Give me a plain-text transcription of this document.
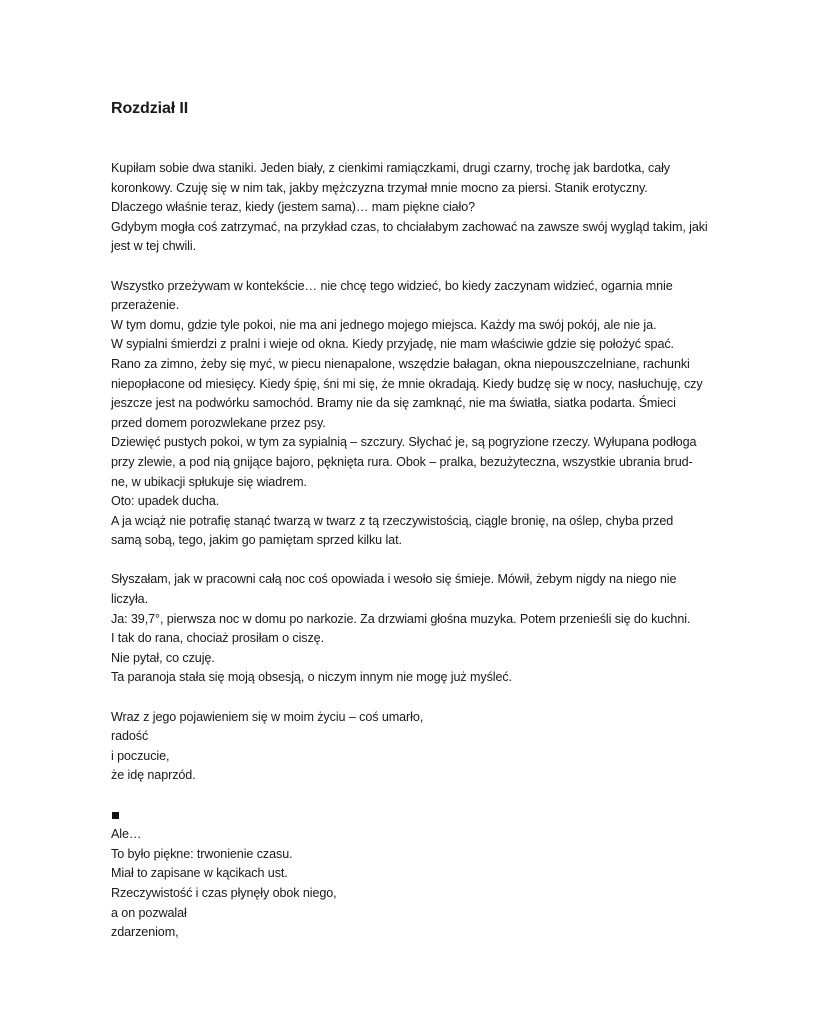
Rozdział II

Kupiłam sobie dwa staniki. Jeden biały, z cienkimi ramiączkami, drugi czarny, trochę jak bardotka, cały
koronkowy. Czuję się w nim tak, jakby mężczyzna trzymał mnie mocno za piersi. Stanik erotyczny.
Dlaczego właśnie teraz, kiedy (jestem sama)… mam piękne ciało?
Gdybym mogła coś zatrzymać, na przykład czas, to chciałabym zachować na zawsze swój wygląd takim, jaki
jest w tej chwili.

Wszystko przeżywam w kontekście… nie chcę tego widzieć, bo kiedy zaczynam widzieć, ogarnia mnie
przerażenie.
W tym domu, gdzie tyle pokoi, nie ma ani jednego mojego miejsca. Każdy ma swój pokój, ale nie ja.
W sypialni śmierdzi z pralni i wieje od okna. Kiedy przyjadę, nie mam właściwie gdzie się położyć spać.
Rano za zimno, żeby się myć, w piecu nienapalone, wszędzie bałagan, okna niepouszczelniane, rachunki
niepopłacone od miesięcy. Kiedy śpię, śni mi się, że mnie okradają. Kiedy budzę się w nocy, nasłuchuję, czy
jeszcze jest na podwórku samochód. Bramy nie da się zamknąć, nie ma światła, siatka podarta. Śmieci
przed domem porozwlekane przez psy.
Dziewięć pustych pokoi, w tym za sypialnią – szczury. Słychać je, są pogryzione rzeczy. Wyłupana podłoga
przy zlewie, a pod nią gnijące bajoro, pęknięta rura. Obok – pralka, bezużyteczna, wszystkie ubrania brud-
ne, w ubikacji spłukuje się wiadrem.
Oto: upadek ducha.
A ja wciąż nie potrafię stanąć twarzą w twarz z tą rzeczywistością, ciągle bronię, na oślep, chyba przed
samą sobą, tego, jakim go pamiętam sprzed kilku lat.

Słyszałam, jak w pracowni całą noc coś opowiada i wesoło się śmieje. Mówił, żebym nigdy na niego nie
liczyła.
Ja: 39,7°, pierwsza noc w domu po narkozie. Za drzwiami głośna muzyka. Potem przenieśli się do kuchni.
I tak do rana, chociaż prosiłam o ciszę.
Nie pytał, co czuję.
Ta paranoja stała się moją obsesją, o niczym innym nie mogę już myśleć.

Wraz z jego pojawieniem się w moim życiu – coś umarło,
radość
i poczucie,
że idę naprzód.

Ale…
To było piękne: trwonienie czasu.
Miał to zapisane w kącikach ust.
Rzeczywistość i czas płynęły obok niego,
a on pozwalał
zdarzeniom,
